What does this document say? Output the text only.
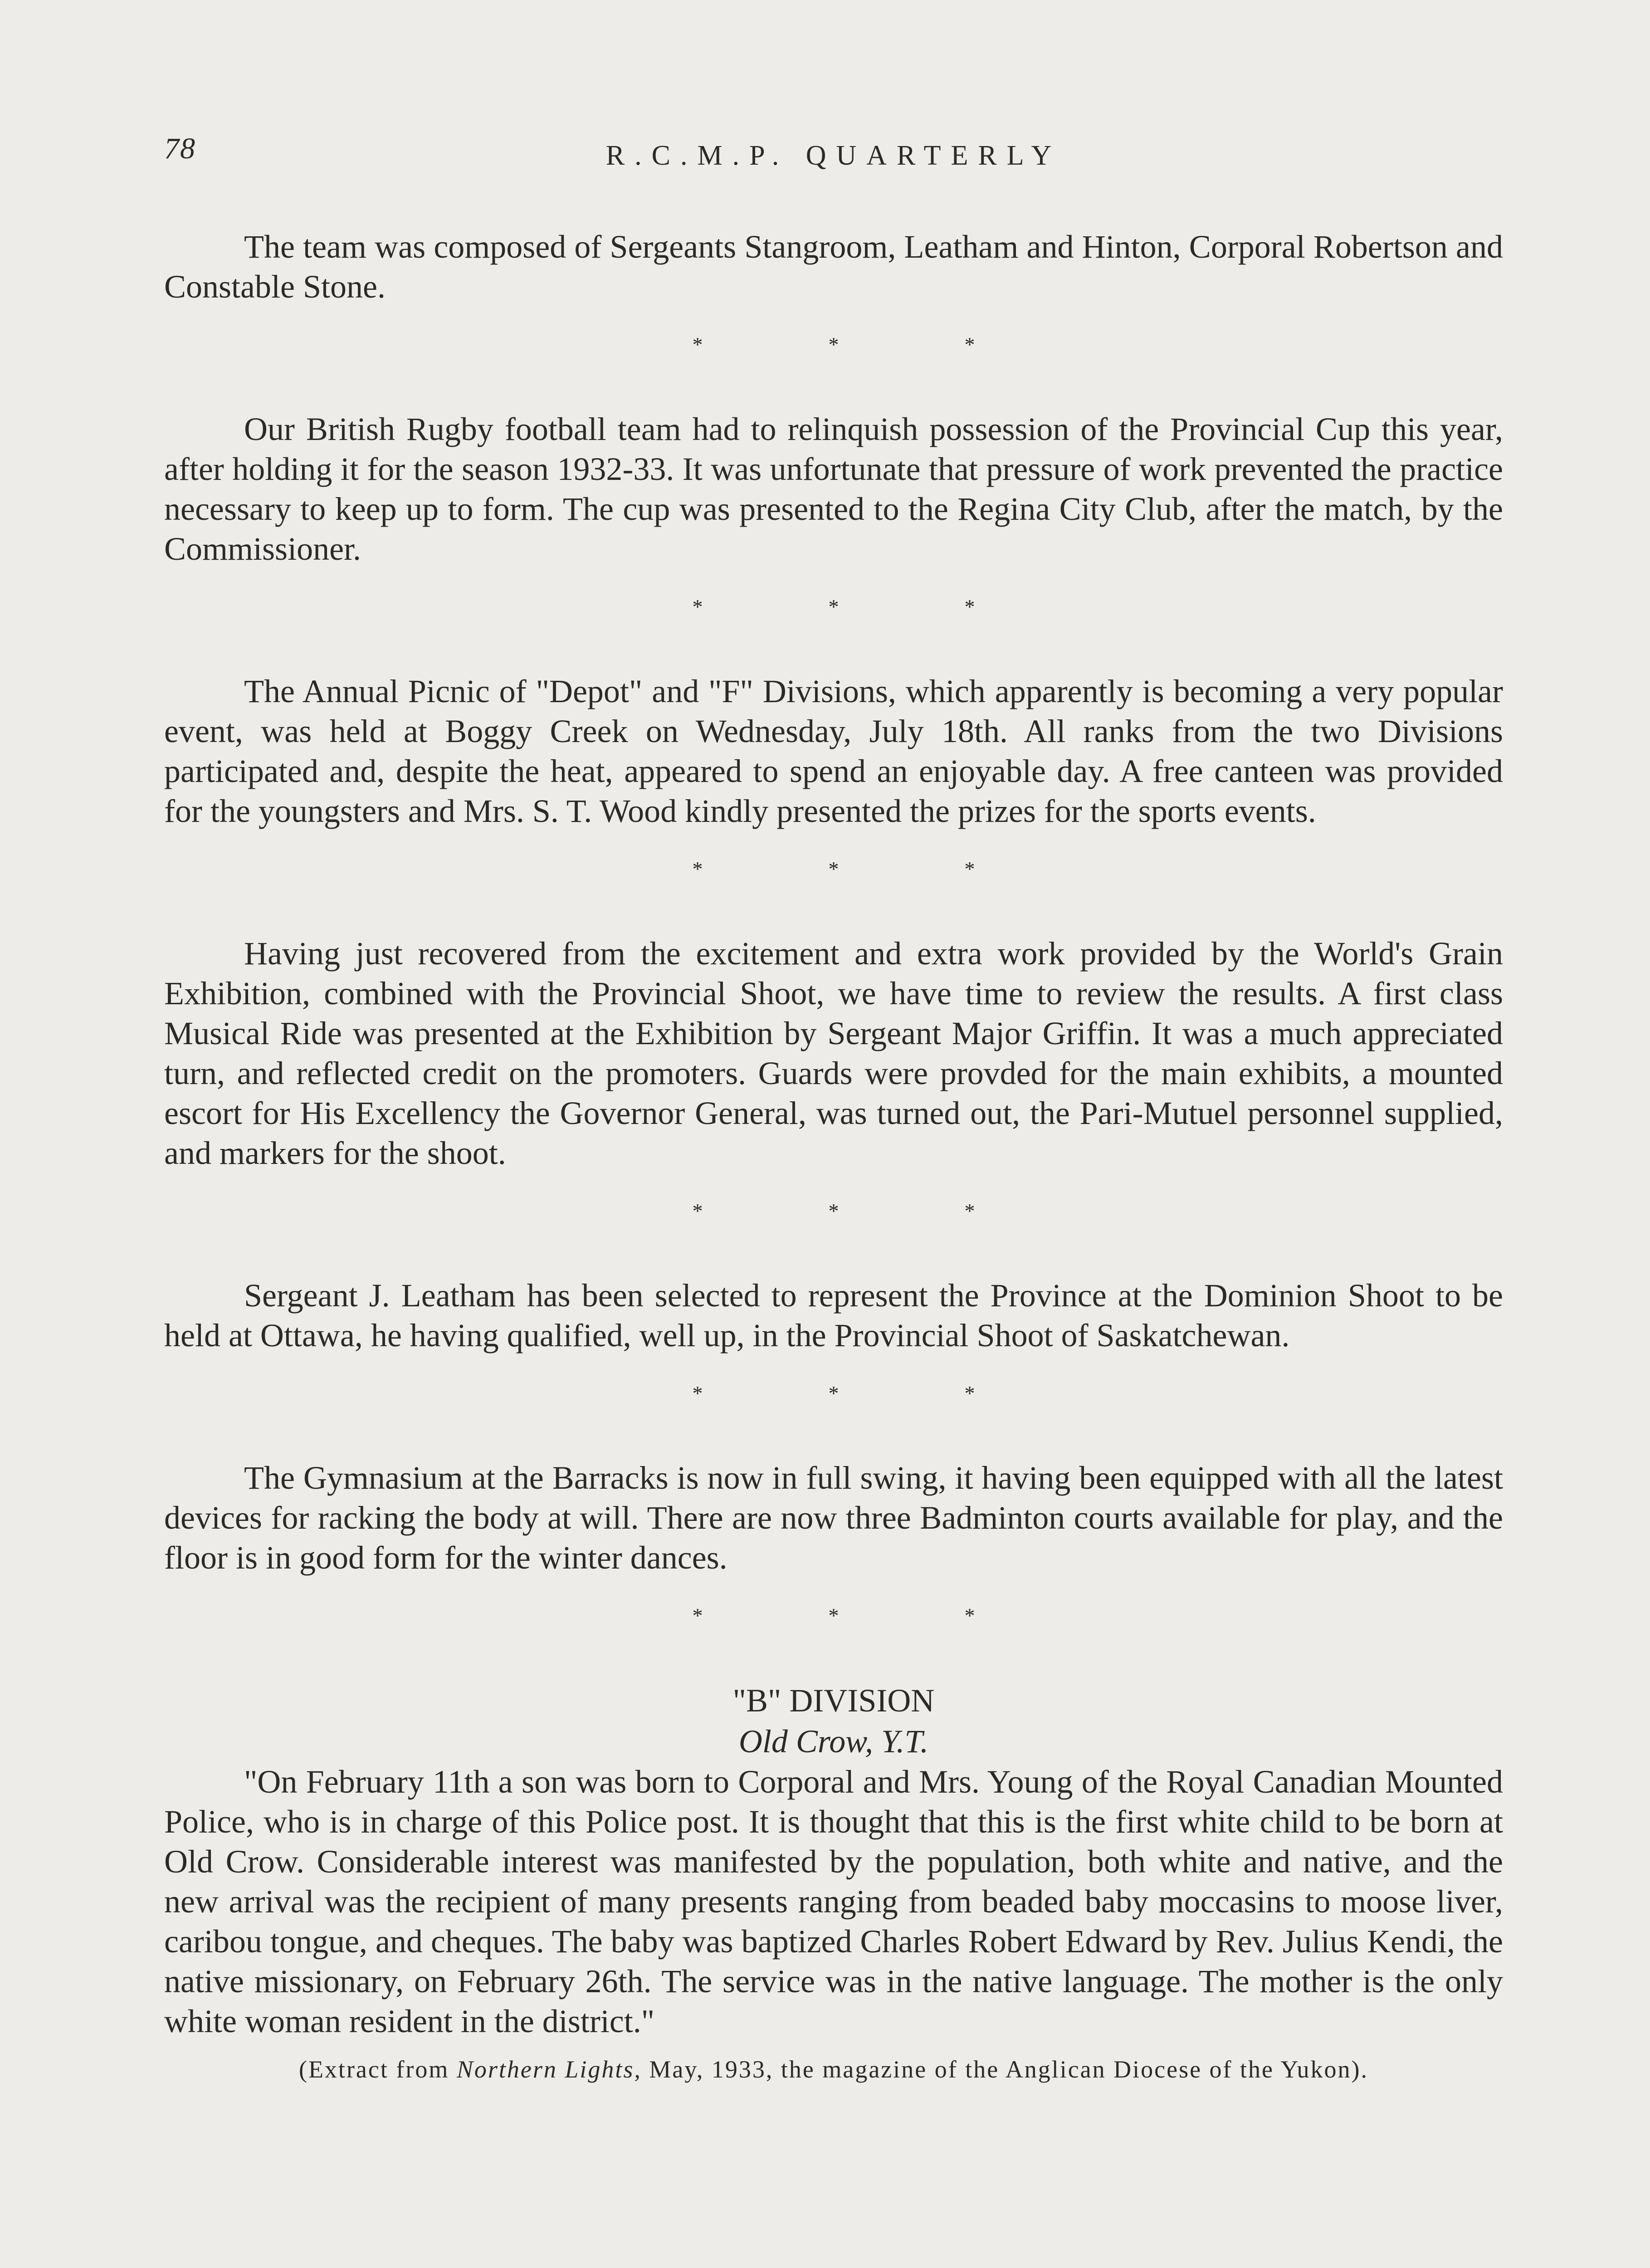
78	R.C.M.P. QUARTERLY

The team was composed of Sergeants Stangroom, Leatham and Hinton, Corporal Robertson and Constable Stone.

*	*	*

Our British Rugby football team had to relinquish possession of the Provincial Cup this year, after holding it for the season 1932-33. It was unfortunate that pressure of work prevented the practice necessary to keep up to form. The cup was presented to the Regina City Club, after the match, by the Commissioner.

*	*	*

The Annual Picnic of "Depot" and "F" Divisions, which apparently is becoming a very popular event, was held at Boggy Creek on Wednesday, July 18th. All ranks from the two Divisions participated and, despite the heat, appeared to spend an enjoyable day. A free canteen was provided for the youngsters and Mrs. S. T. Wood kindly presented the prizes for the sports events.

*	*	*

Having just recovered from the excitement and extra work provided by the World's Grain Exhibition, combined with the Provincial Shoot, we have time to review the results. A first class Musical Ride was presented at the Exhibition by Sergeant Major Griffin. It was a much appreciated turn, and reflected credit on the promoters. Guards were provded for the main exhibits, a mounted escort for His Excellency the Governor General, was turned out, the Pari-Mutuel personnel supplied, and markers for the shoot.

*	*	*

Sergeant J. Leatham has been selected to represent the Province at the Dominion Shoot to be held at Ottawa, he having qualified, well up, in the Provincial Shoot of Saskatchewan.

*	*	*

The Gymnasium at the Barracks is now in full swing, it having been equipped with all the latest devices for racking the body at will. There are now three Badminton courts available for play, and the floor is in good form for the winter dances.

*	*	*
"B" DIVISION
Old Crow, Y.T.

"On February 11th a son was born to Corporal and Mrs. Young of the Royal Canadian Mounted Police, who is in charge of this Police post. It is thought that this is the first white child to be born at Old Crow. Considerable interest was manifested by the population, both white and native, and the new arrival was the recipient of many presents ranging from beaded baby moccasins to moose liver, caribou tongue, and cheques. The baby was baptized Charles Robert Edward by Rev. Julius Kendi, the native missionary, on February 26th. The service was in the native language. The mother is the only white woman resident in the district."

(Extract from Northern Lights, May, 1933, the magazine of the Anglican Diocese of the Yukon).
